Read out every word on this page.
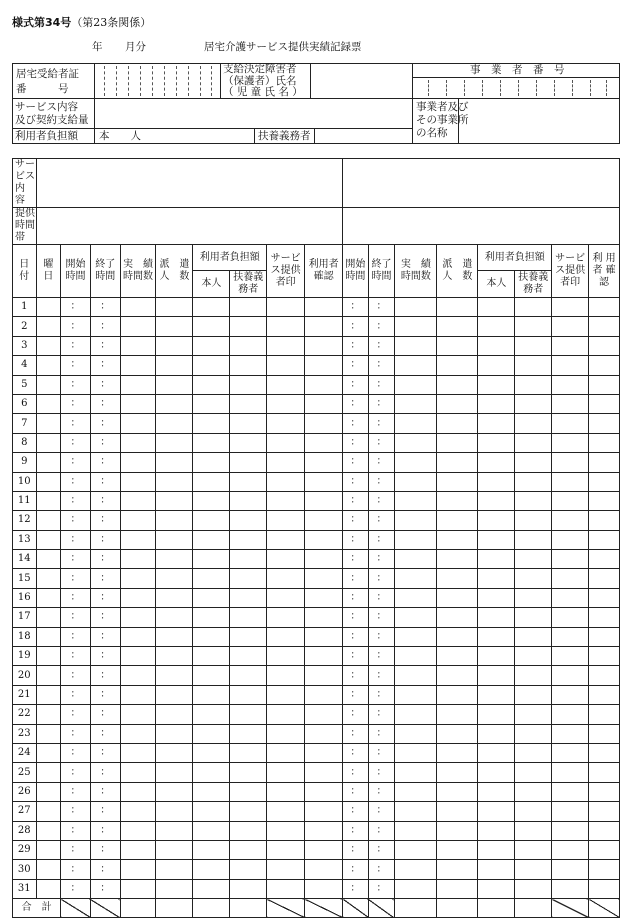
様式第34号（第23条関係）
年 月分	居宅介護サービス提供実績記録票
居宅受給者証
番　　　号
支給決定障害者
（保護者）氏名
（ 児 童 氏 名 ）
事　業　者　番　号
サービス内容
及び契約支給量
事業者及び
その事業所
の名称
利用者負担額 本　　人	扶養義務者
サービス
内　　容																	

提供時間
帯																	

日付	曜日	開始時間	終了時間	実　績時間数	派　遣人　数	利用者負担額		サービス提供者印	利用者確認	開始時間	終了時間	実　績時間数	派　遣人　数	利用者負担額		サービス提供者印	利 用者 確認

						本人	扶養義務者							本人	扶養義務者		

1		：	：							：	：						
2		：	：							：	：						
3		：	：							：	：						
4		：	：							：	：						
5		：	：							：	：						
6		：	：							：	：						
7		：	：							：	：						
8		：	：							：	：						
9		：	：							：	：						
10		：	：							：	：						
11		：	：							：	：						
12		：	：							：	：						
13		：	：							：	：						
14		：	：							：	：						
15		：	：							：	：						
16		：	：							：	：						
17		：	：							：	：						
18		：	：							：	：						
19		：	：							：	：						
20		：	：							：	：						
21		：	：							：	：						
22		：	：							：	：						
23		：	：							：	：						
24		：	：							：	：						
25		：	：							：	：						
26		：	：							：	：						
27		：	：							：	：						
28		：	：							：	：						
29		：	：							：	：						
30		：	：							：	：						
31		：	：							：	：						
合　計																	
